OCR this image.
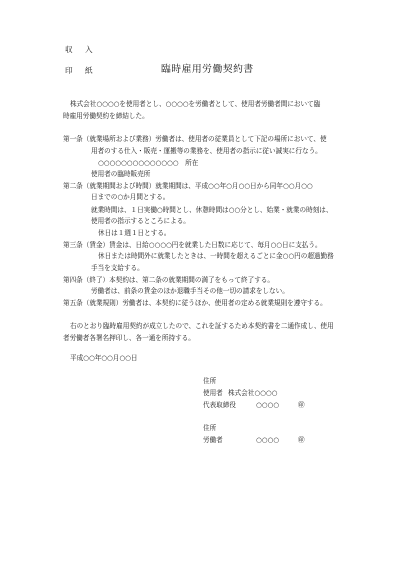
収 入
印 紙	臨時雇用労働契約書
株式会社○○○○を使用者とし、○○○○を労働者として、使用者労働者間において臨
時雇用労働契約を締結した。
第一条（就業場所および業務）労働者は、使用者の従業員として下記の場所において、使
用者のする仕入・販売・運搬等の業務を、使用者の指示に従い誠実に行なう。
○○○○○○○○○○○○○○　所在
使用者の臨時販売所
第二条（就業期間および時間）就業期間は、平成○○年○月○○日から同年○○月○○
日までの○か月間とする。
就業時間は、１日実働○時間とし、休憩時間は○○分とし、始業・就業の時刻は、
使用者の指示するところによる。
休日は１週１日とする。
第三条（賃金）賃金は、日給○○○○円を就業した日数に応じて、毎月○○日に支払う。
休日または時間外に就業したときは、一時間を超えるごとに金○○円の超過勤務
手当を支給する。
第四条（終了）本契約は、第二条の就業期間の満了をもって終了する。
労働者は、前条の賃金のほか退職手当その他一切の請求をしない。
第五条（就業規則）労働者は、本契約に従うほか、使用者の定める就業規則を遵守する。
右のとおり臨時雇用契約が成立したので、これを証するため本契約書を二通作成し、使用
者労働者各署名押印し、各一通を所持する。
平成○○年○○月○○日
住所
使用者 株式会社○○○○
代表取締役	○○○○	㊞
住所
労働者	○○○○	㊞
